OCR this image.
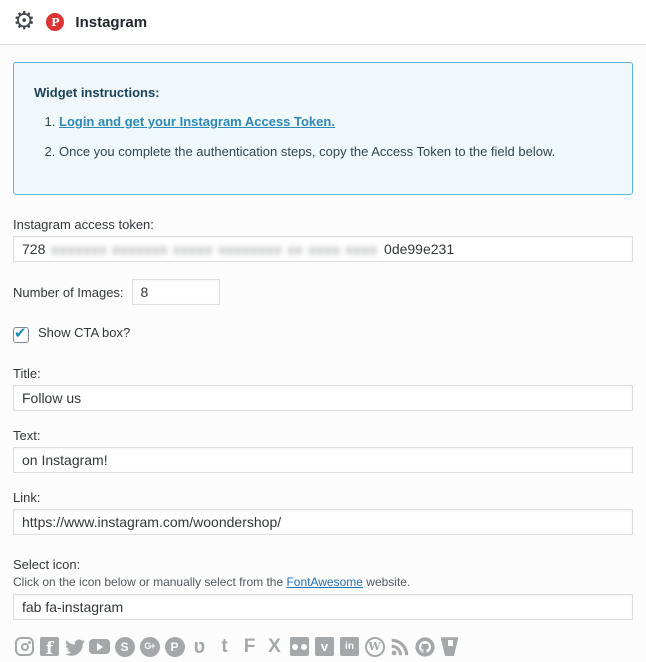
⚙	P	Instagram

Widget instructions:

1. Login and get your Instagram Access Token.
2. Once you complete the authentication steps, copy the Access Token to the field below.
Instagram access token:
728 xxxxxxx xxxxxxx xxxxx xxxxxxxx xx xxxx xxxx 0de99e231
Number of Images:
8
✔
Show CTA box?
Title:
Follow us
Text:
on Instagram!
Link:
https://www.instagram.com/woondershop/
Select icon:

Click on the icon below or manually select from the FontAwesome website.

fab fa-instagram
f	S G+ P ʋ t F X	v in W
